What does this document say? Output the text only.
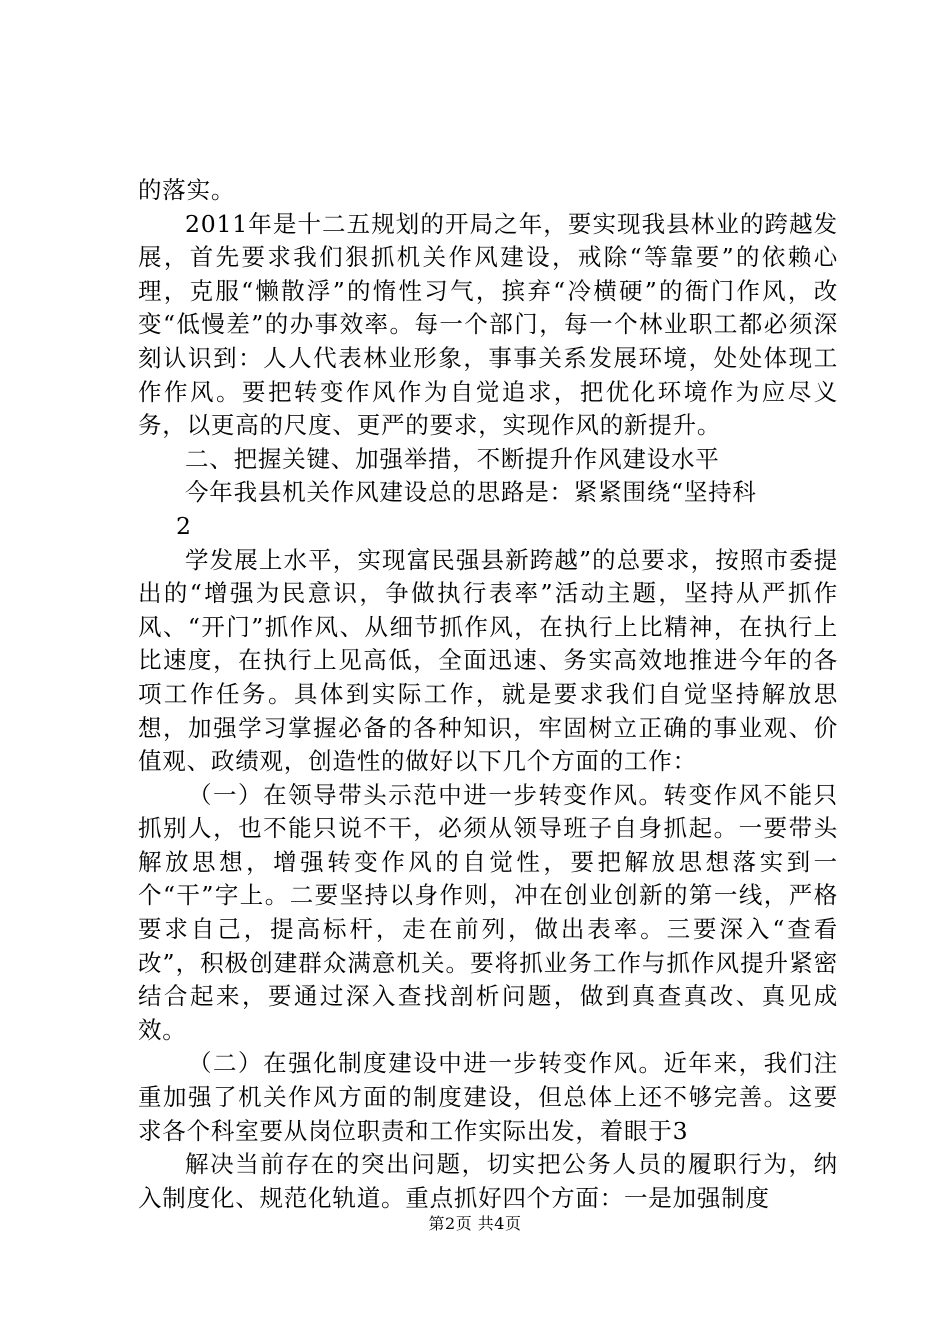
的落实。

2011年是十二五规划的开局之年，要实现我县林业的跨越发展，首先要求我们狠抓机关作风建设，戒除“等靠要”的依赖心理，克服“懒散浮”的惰性习气，摈弃“冷横硬”的衙门作风，改变“低慢差”的办事效率。每一个部门，每一个林业职工都必须深刻认识到：人人代表林业形象，事事关系发展环境，处处体现工作作风。要把转变作风作为自觉追求，把优化环境作为应尽义务，以更高的尺度、更严的要求，实现作风的新提升。

二、把握关键、加强举措，不断提升作风建设水平

今年我县机关作风建设总的思路是：紧紧围绕“坚持科

2

学发展上水平，实现富民强县新跨越”的总要求，按照市委提出的“增强为民意识，争做执行表率”活动主题，坚持从严抓作风、“开门”抓作风、从细节抓作风，在执行上比精神，在执行上比速度，在执行上见高低，全面迅速、务实高效地推进今年的各项工作任务。具体到实际工作，就是要求我们自觉坚持解放思想，加强学习掌握必备的各种知识，牢固树立正确的事业观、价值观、政绩观，创造性的做好以下几个方面的工作：

（一）在领导带头示范中进一步转变作风。转变作风不能只抓别人，也不能只说不干，必须从领导班子自身抓起。一要带头解放思想，增强转变作风的自觉性，要把解放思想落实到一个“干”字上。二要坚持以身作则，冲在创业创新的第一线，严格要求自己，提高标杆，走在前列，做出表率。三要深入“查看改”，积极创建群众满意机关。要将抓业务工作与抓作风提升紧密结合起来，要通过深入查找剖析问题，做到真查真改、真见成效。

（二）在强化制度建设中进一步转变作风。近年来，我们注重加强了机关作风方面的制度建设，但总体上还不够完善。这要求各个科室要从岗位职责和工作实际出发，着眼于3

解决当前存在的突出问题，切实把公务人员的履职行为，纳入制度化、规范化轨道。重点抓好四个方面：一是加强制度

第2页 共4页
